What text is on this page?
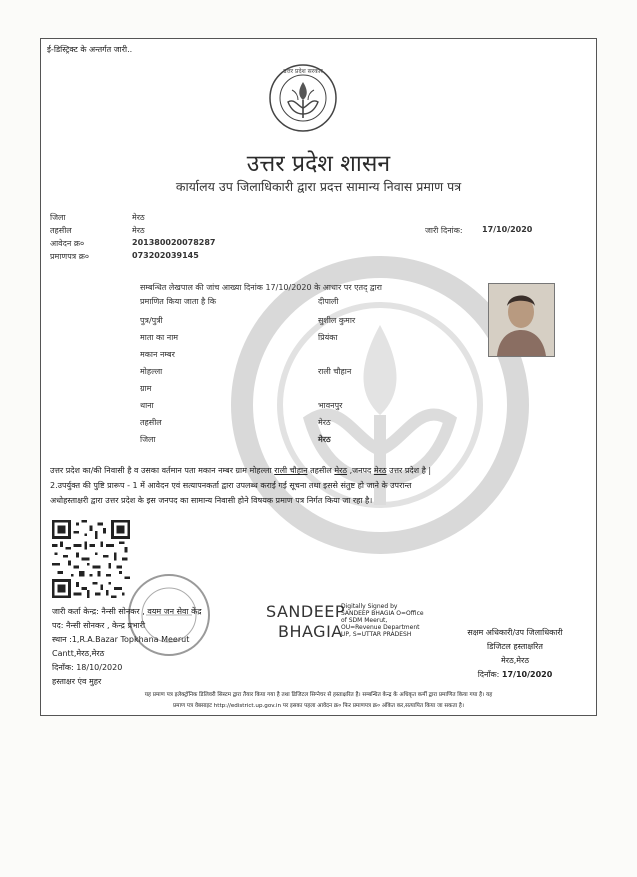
ई-डिस्ट्रिक्ट के अन्तर्गत जारी..
उत्तर प्रदेश सरकार
उत्तर प्रदेश शासन
कार्यालय उप जिलाधिकारी द्वारा प्रदत्त सामान्य निवास प्रमाण पत्र
जिला	मेरठ
तहसील	मेरठ
आवेदन क्र०	201380020078287
प्रमाणपत्र क्र०	073202039145
जारी दिनांक: 17/10/2020
सम्बन्धित लेखपाल की जांच आख्या दिनांक 17/10/2020 के आधार पर एतद् द्वारा
प्रमाणित किया जाता है कि	दीपाली
पुत्र/पुत्री	सुशील कुमार
माता का नाम	प्रियंका
मकान नम्बर
मोहल्ला	राली चौहान
ग्राम
थाना	भावनपुर
तहसील	मेरठ
जिला	मेरठ
उत्तर प्रदेश का/की निवासी है व उसका वर्तमान पता मकान नम्बर ग्राम मोहल्ला राली चौहान तहसील मेरठ ,जनपद मेरठ उत्तर प्रदेश है |
2.उपर्युक्त की पुष्टि प्रारूप - 1 में आवेदन एवं सत्यापनकर्ता द्वारा उपलब्ध कराई गई सूचना तथा इससे संतुष्ट हो जाने के उपरान्त
अधोहस्ताक्षरी द्वारा उत्तर प्रदेश के इस जनपद का सामान्य निवासी होने विषयक प्रमाण पत्र निर्गत किया जा रहा है।
जारी कर्ता केन्द्र: नैन्सी सोनकर , वयम जन सेवा केंद्र
पद: नैन्सी सोनकर , केन्द्र प्रभारी
स्थान :1,R.A.Bazar Topkhana Meerut
Cantt,मेरठ,मेरठ
दिनाँक: 18/10/2020
हस्ताक्षर एंव मुहर
SANDEEP
BHAGIA
Digitally Signed by
SANDEEP BHAGIA O=Office
of SDM Meerut,
OU=Revenue Department
UP, S=UTTAR PRADESH	सक्षम अधिकारी/उप जिलाधिकारी
डिजिटल हस्ताक्षरित
मेरठ,मेरठ
दिनाँक: 17/10/2020
यह प्रमाण पत्र इलेक्ट्रॉनिक डिलिवरी सिस्टम द्वारा तैयार किया गया है तथा डिजिटल सिग्नेचर से हस्ताक्षरित है। सम्बन्धित केन्द्र के अधिकृत कर्मी द्वारा प्रमाणित किया गया है। यह
प्रमाण पत्र वेबसाइट http://edistrict.up.gov.in पर इसका पहला आवेदन क्र० फिर प्रमाणपत्र क्र० अंकित कर,सत्यापित किया जा सकता है।
